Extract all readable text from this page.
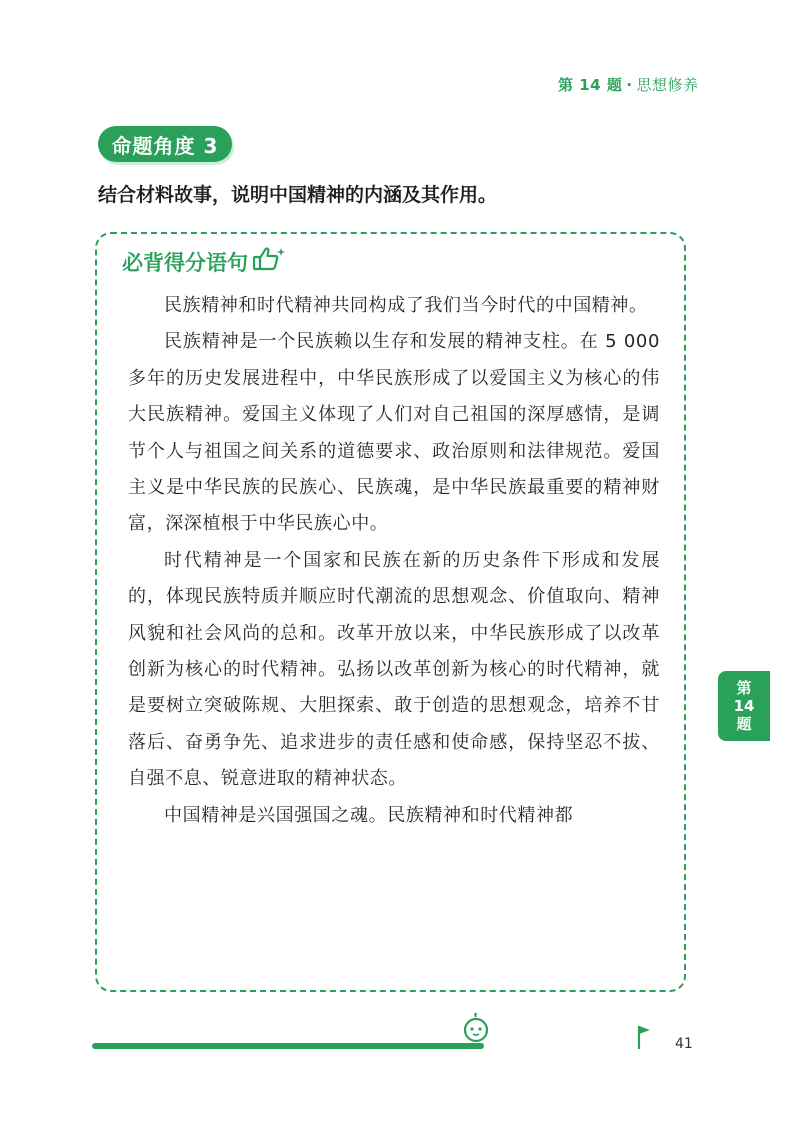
第 14 题 · 思想修养
命题角度 3
结合材料故事，说明中国精神的内涵及其作用。
必背得分语句

民族精神和时代精神共同构成了我们当今时代的中国精神。

民族精神是一个民族赖以生存和发展的精神支柱。在 5 000 多年的历史发展进程中，中华民族形成了以爱国主义为核心的伟大民族精神。爱国主义体现了人们对自己祖国的深厚感情，是调节个人与祖国之间关系的道德要求、政治原则和法律规范。爱国主义是中华民族的民族心、民族魂，是中华民族最重要的精神财富，深深植根于中华民族心中。

时代精神是一个国家和民族在新的历史条件下形成和发展的，体现民族特质并顺应时代潮流的思想观念、价值取向、精神风貌和社会风尚的总和。改革开放以来，中华民族形成了以改革创新为核心的时代精神。弘扬以改革创新为核心的时代精神，就是要树立突破陈规、大胆探索、敢于创造的思想观念，培养不甘落后、奋勇争先、追求进步的责任感和使命感，保持坚忍不拔、自强不息、锐意进取的精神状态。

中国精神是兴国强国之魂。民族精神和时代精神都

第
14
题
41
